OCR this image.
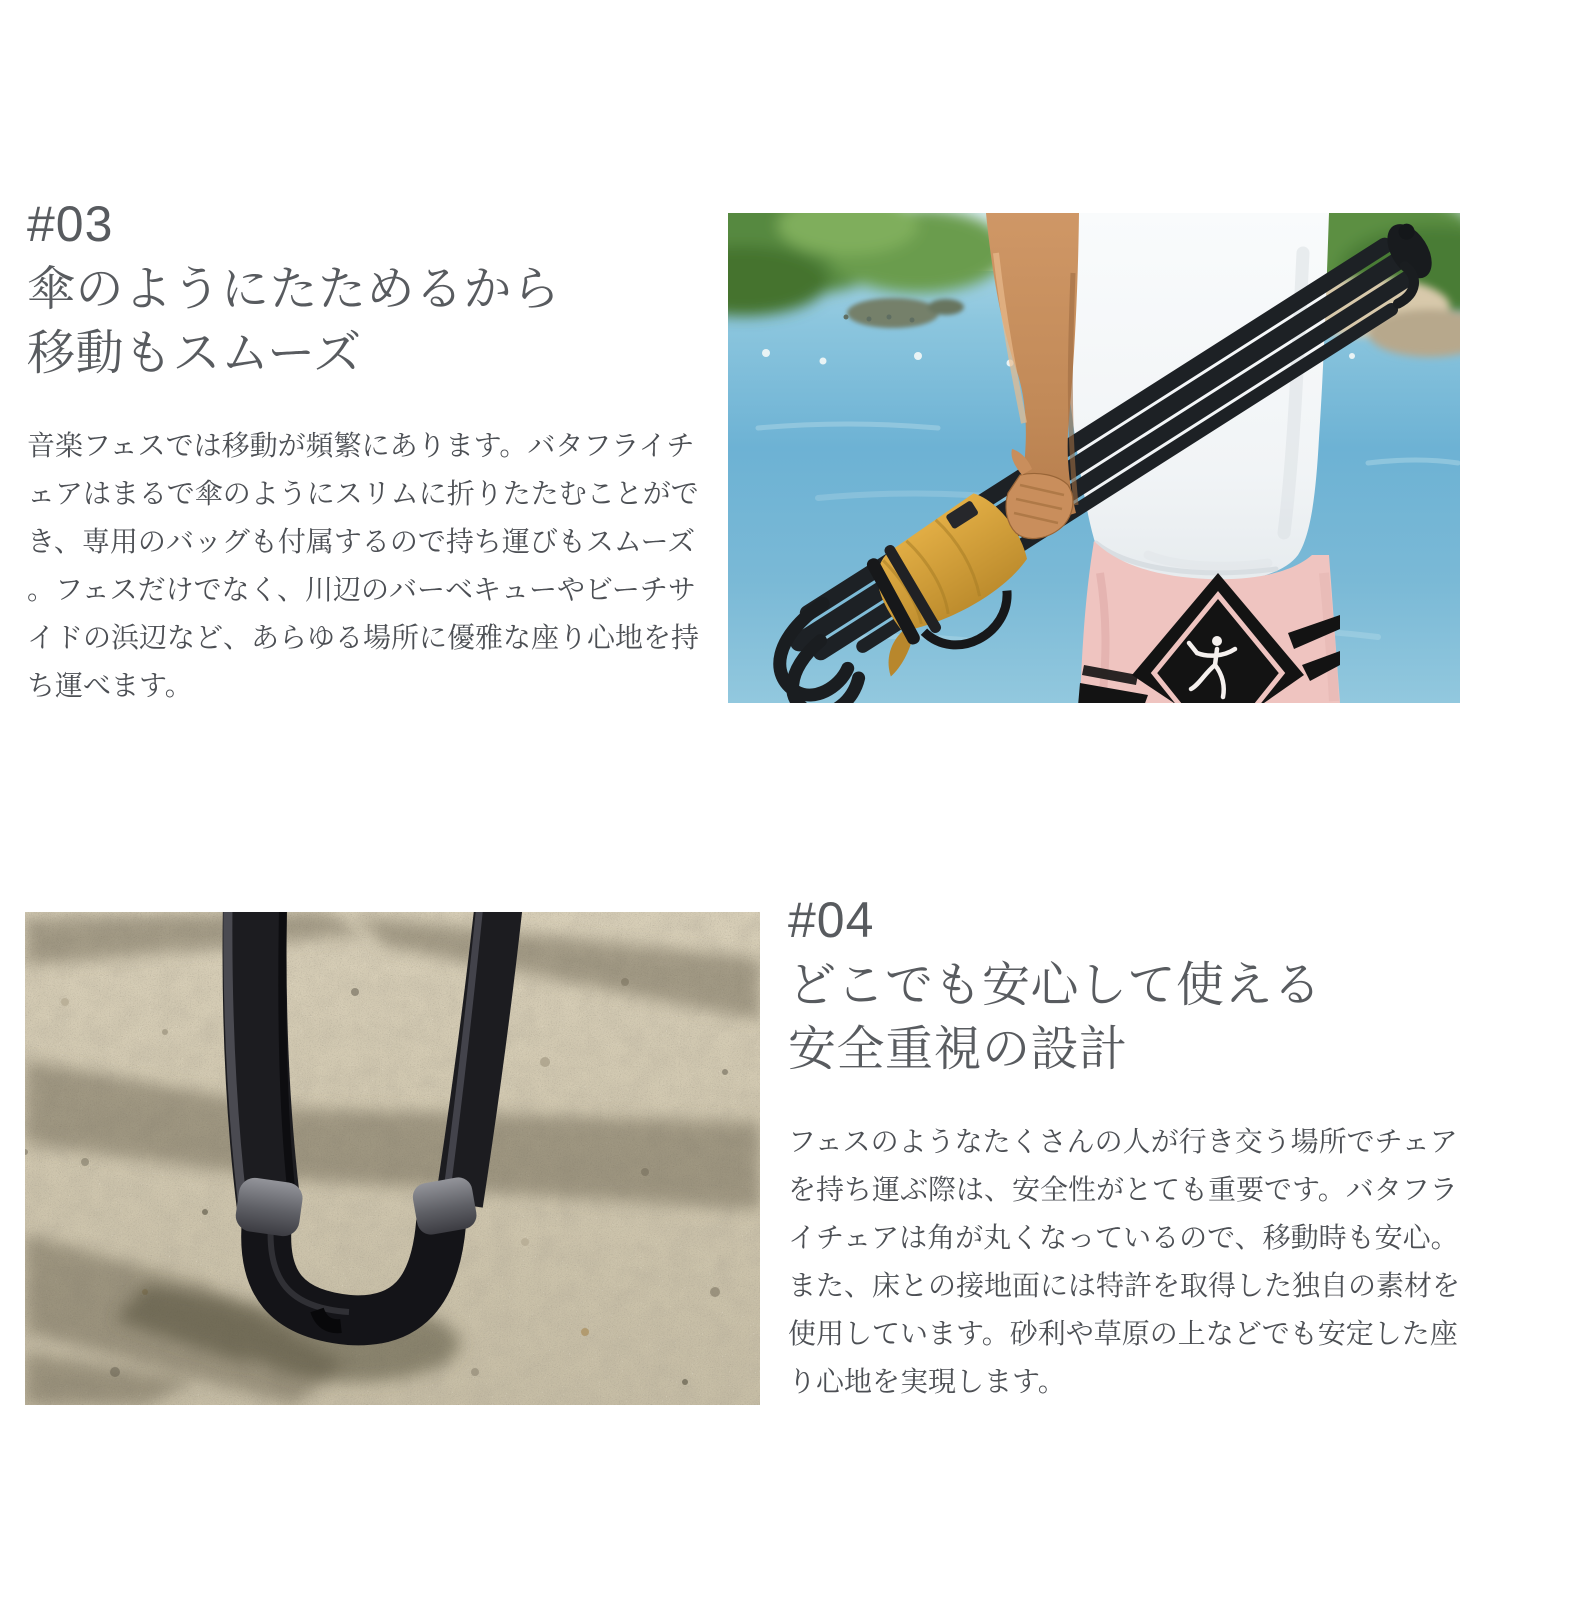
#03
傘のようにたためるから
移動もスムーズ

音楽フェスでは移動が頻繁にあります。バタフライチェアはまるで傘のようにスリムに折りたたむことができ、専用のバッグも付属するので持ち運びもスムーズ。フェスだけでなく、川辺のバーベキューやビーチサイドの浜辺など、あらゆる場所に優雅な座り心地を持ち運べます。

#04
どこでも安心して使える
安全重視の設計

フェスのようなたくさんの人が行き交う場所でチェアを持ち運ぶ際は、安全性がとても重要です。バタフライチェアは角が丸くなっているので、移動時も安心。また、床との接地面には特許を取得した独自の素材を使用しています。砂利や草原の上などでも安定した座り心地を実現します。
